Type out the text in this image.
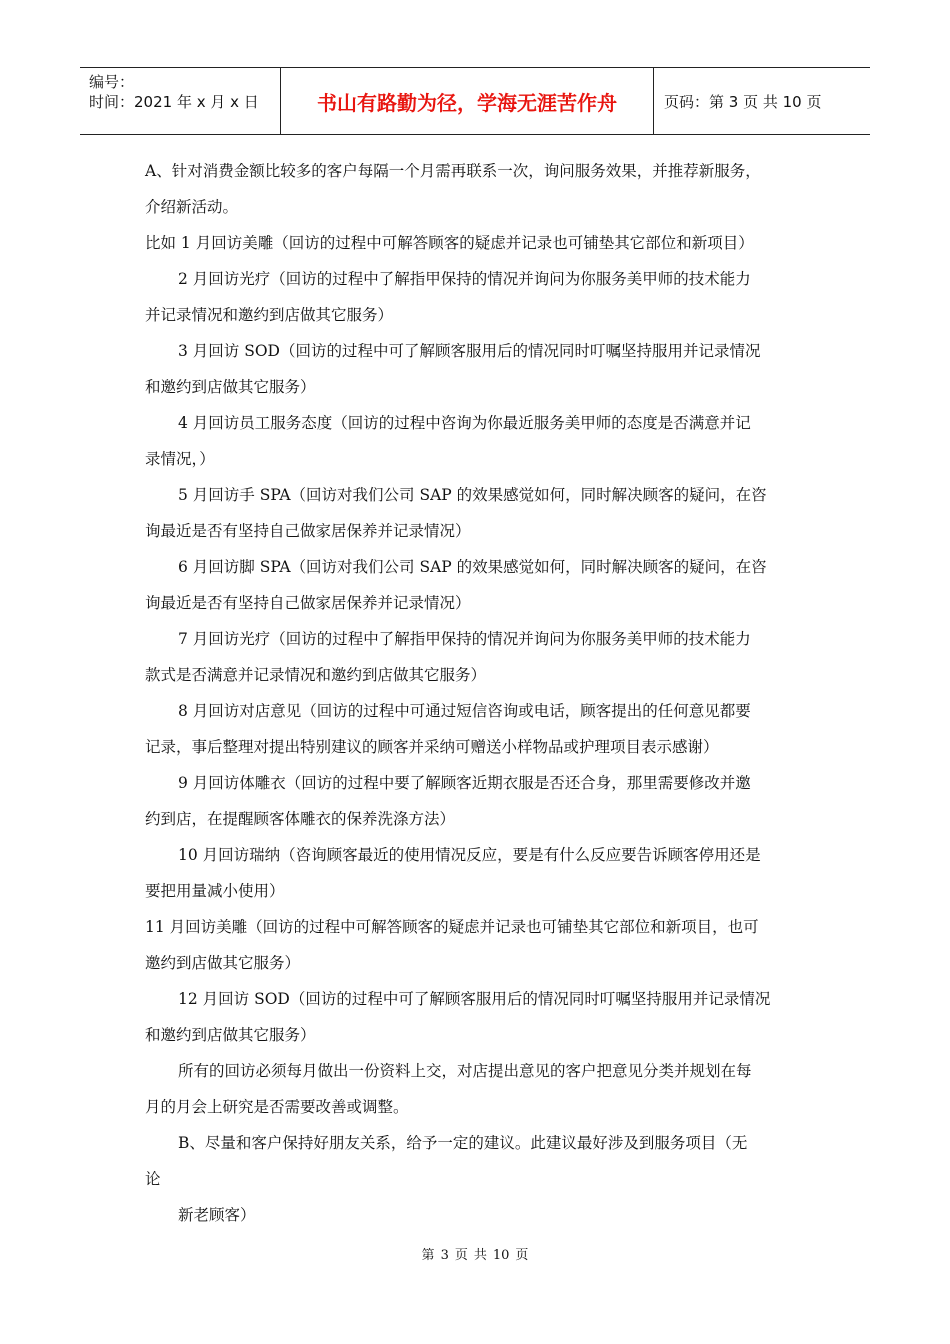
编号：
时间：2021 年 x 月 x 日	书山有路勤为径，学海无涯苦作舟	页码：第 3 页 共 10 页

A、针对消费金额比较多的客户每隔一个月需再联系一次，询问服务效果，并推荐新服务，

介绍新活动。

比如 1 月回访美雕（回访的过程中可解答顾客的疑虑并记录也可铺垫其它部位和新项目）

2 月回访光疗（回访的过程中了解指甲保持的情况并询问为你服务美甲师的技术能力

并记录情况和邀约到店做其它服务）

3 月回访 SOD（回访的过程中可了解顾客服用后的情况同时叮嘱坚持服用并记录情况

和邀约到店做其它服务）

4 月回访员工服务态度（回访的过程中咨询为你最近服务美甲师的态度是否满意并记

录情况，）

5 月回访手 SPA（回访对我们公司 SAP 的效果感觉如何，同时解决顾客的疑问，在咨

询最近是否有坚持自己做家居保养并记录情况）

6 月回访脚 SPA（回访对我们公司 SAP 的效果感觉如何，同时解决顾客的疑问，在咨

询最近是否有坚持自己做家居保养并记录情况）

7 月回访光疗（回访的过程中了解指甲保持的情况并询问为你服务美甲师的技术能力

款式是否满意并记录情况和邀约到店做其它服务）

8 月回访对店意见（回访的过程中可通过短信咨询或电话，顾客提出的任何意见都要

记录，事后整理对提出特别建议的顾客并采纳可赠送小样物品或护理项目表示感谢）

9 月回访体雕衣（回访的过程中要了解顾客近期衣服是否还合身，那里需要修改并邀

约到店，在提醒顾客体雕衣的保养洗涤方法）

10 月回访瑞纳（咨询顾客最近的使用情况反应，要是有什么反应要告诉顾客停用还是

要把用量减小使用）

11 月回访美雕（回访的过程中可解答顾客的疑虑并记录也可铺垫其它部位和新项目，也可

邀约到店做其它服务）

12 月回访 SOD（回访的过程中可了解顾客服用后的情况同时叮嘱坚持服用并记录情况

和邀约到店做其它服务）

所有的回访必须每月做出一份资料上交，对店提出意见的客户把意见分类并规划在每

月的月会上研究是否需要改善或调整。

B、尽量和客户保持好朋友关系，给予一定的建议。此建议最好涉及到服务项目（无

论

新老顾客）

第 3 页 共 10 页
